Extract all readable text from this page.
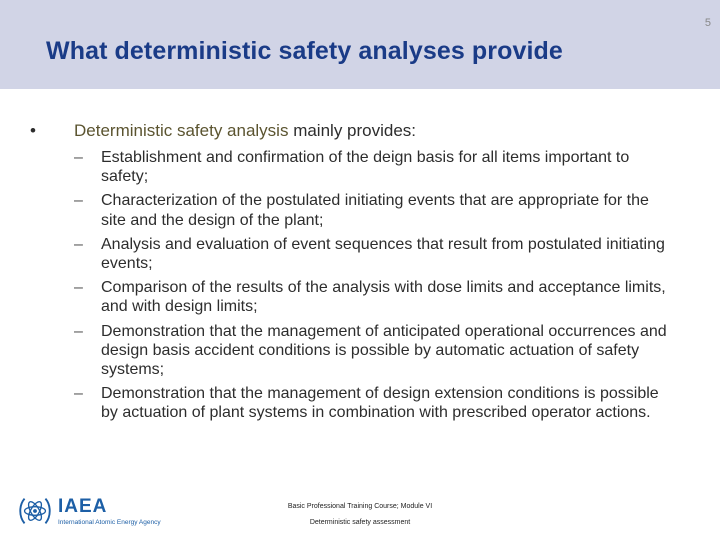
What deterministic safety analyses provide
5
• Deterministic safety analysis mainly provides:
– Establishment and confirmation of the deign basis for all items important to safety;
– Characterization of the postulated initiating events that are appropriate for the site and the design of the plant;
– Analysis and evaluation of event sequences that result from postulated initiating events;
– Comparison of the results of the analysis with dose limits and acceptance limits, and with design limits;
– Demonstration that the management of anticipated operational occurrences and design basis accident conditions is possible by automatic actuation of safety systems;
– Demonstration that the management of design extension conditions is possible by actuation of plant systems in combination with prescribed operator actions.
IAEA
International Atomic Energy Agency
Basic Professional Training Course; Module VI
Deterministic safety assessment
